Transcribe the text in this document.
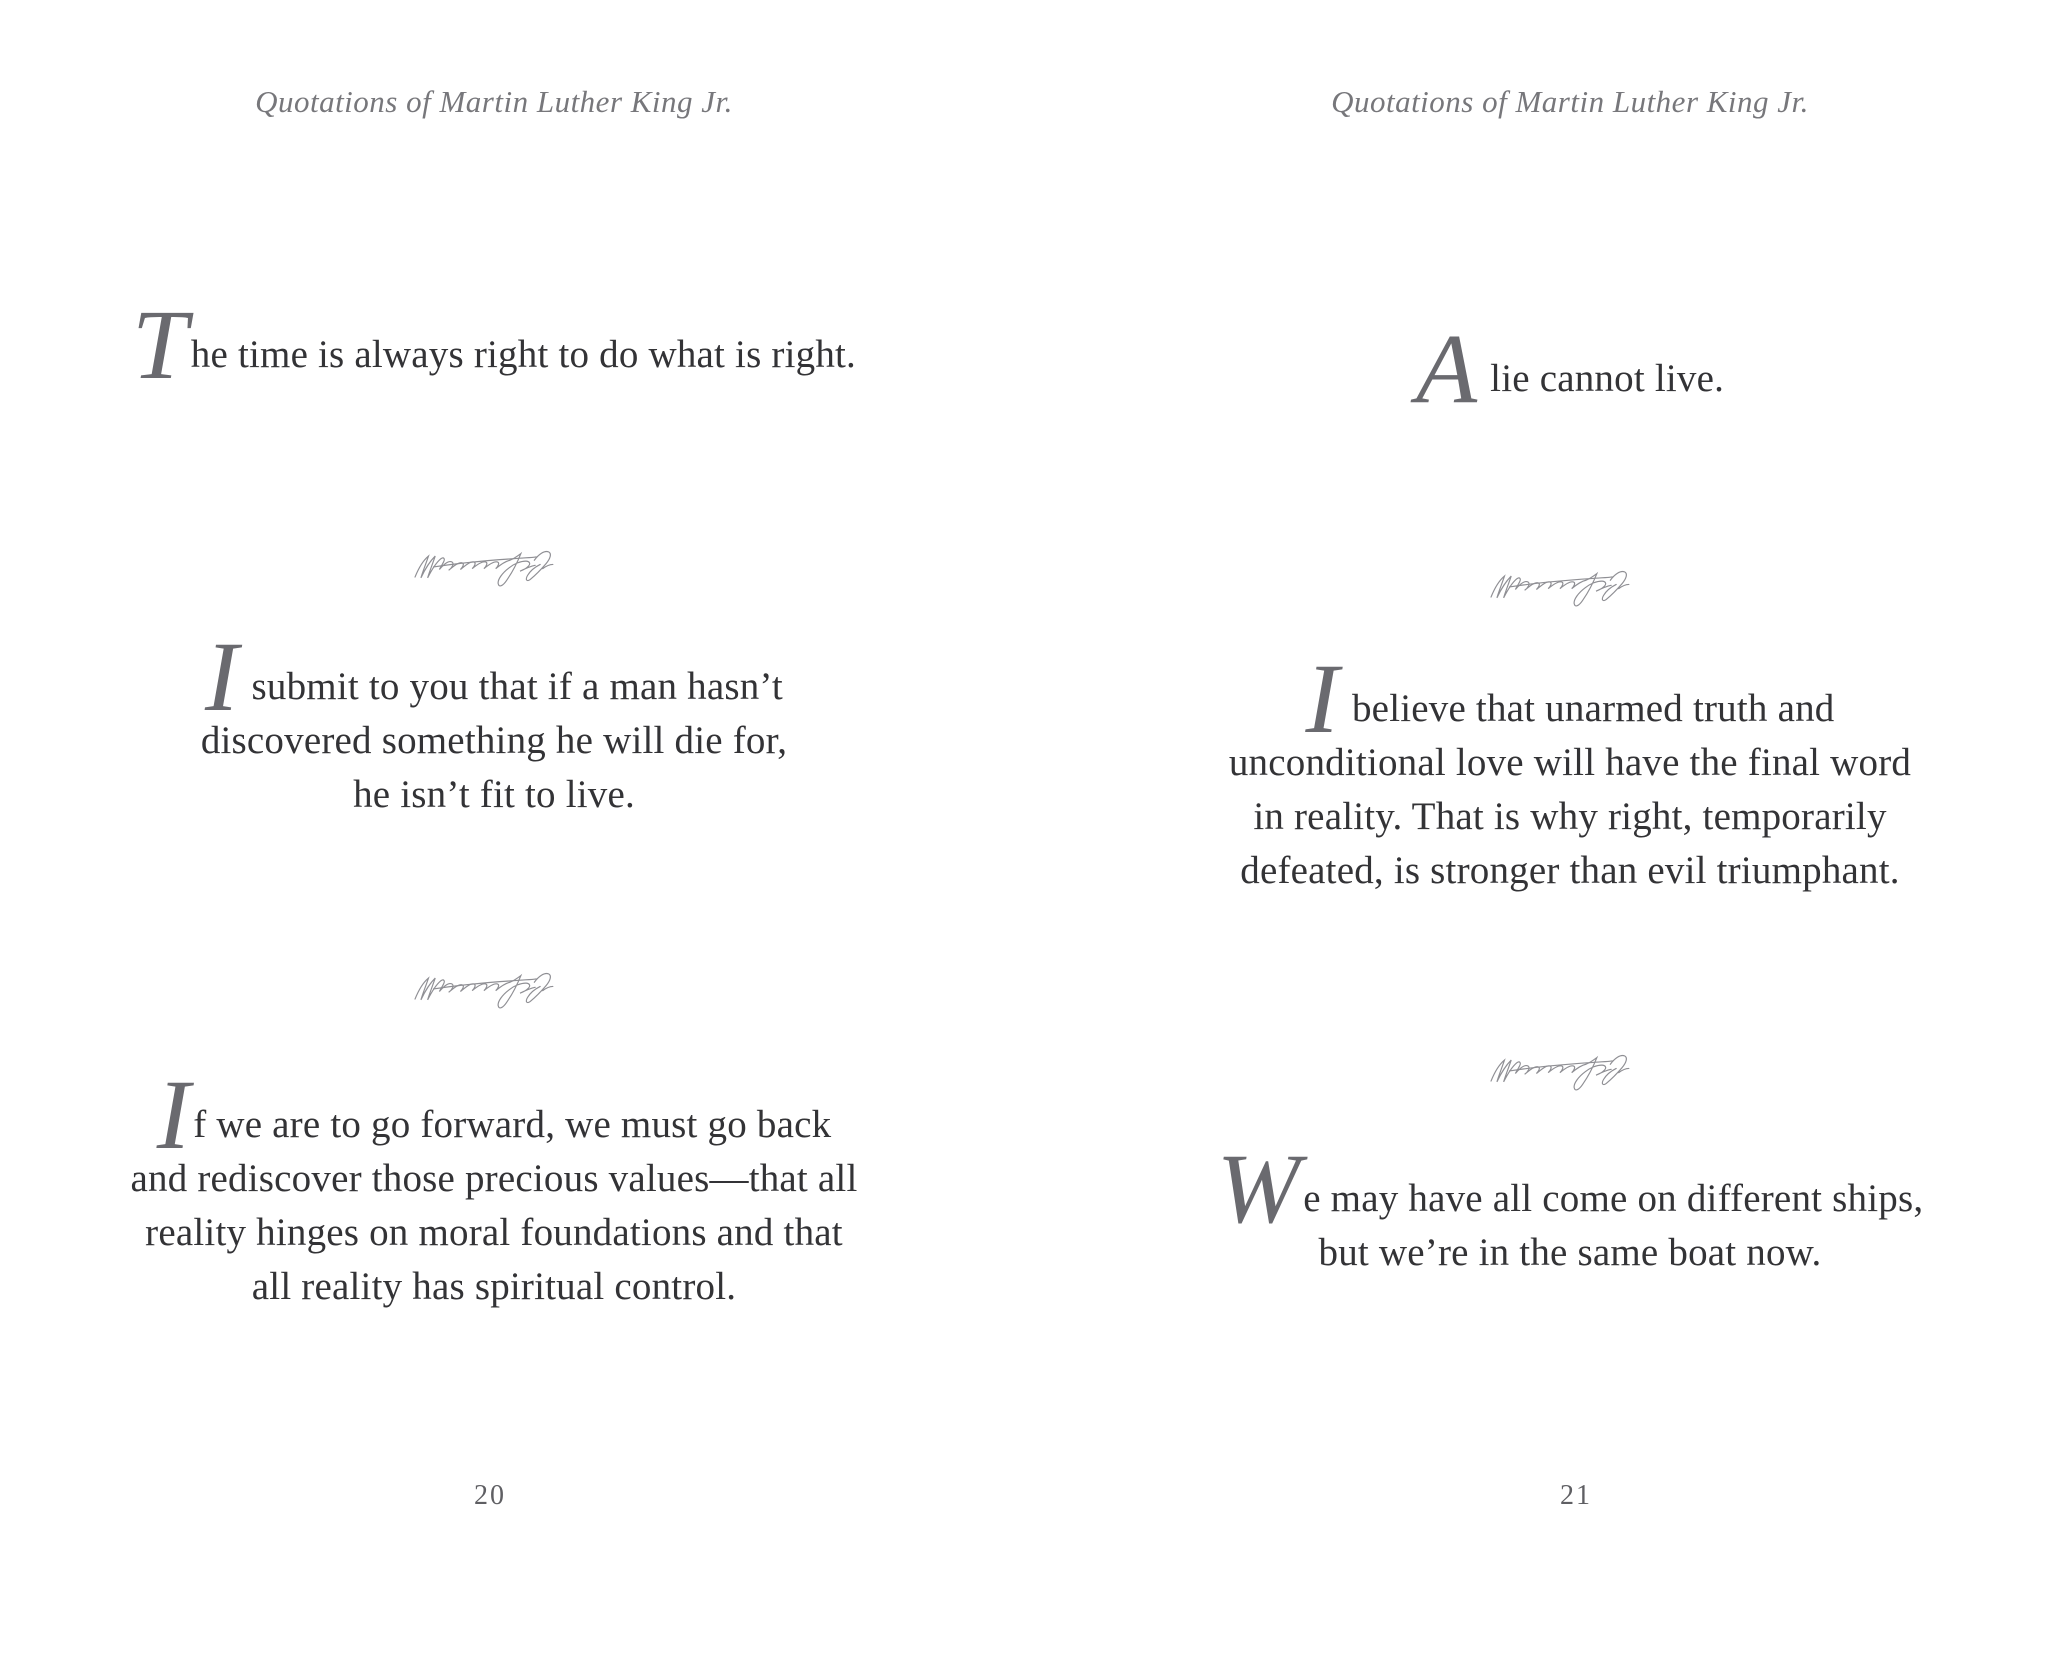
Quotations of Martin Luther King Jr.
The time is always right to do what is right.
I submit to you that if a man hasn’t
discovered something he will die for,
he isn’t fit to live.
If we are to go forward, we must go back
and rediscover those precious values—that all
reality hinges on moral foundations and that
all reality has spiritual control.
20
Quotations of Martin Luther King Jr.
A lie cannot live.
I believe that unarmed truth and
unconditional love will have the final word
in reality. That is why right, temporarily
defeated, is stronger than evil triumphant.
We may have all come on different ships,
but we’re in the same boat now.
21
